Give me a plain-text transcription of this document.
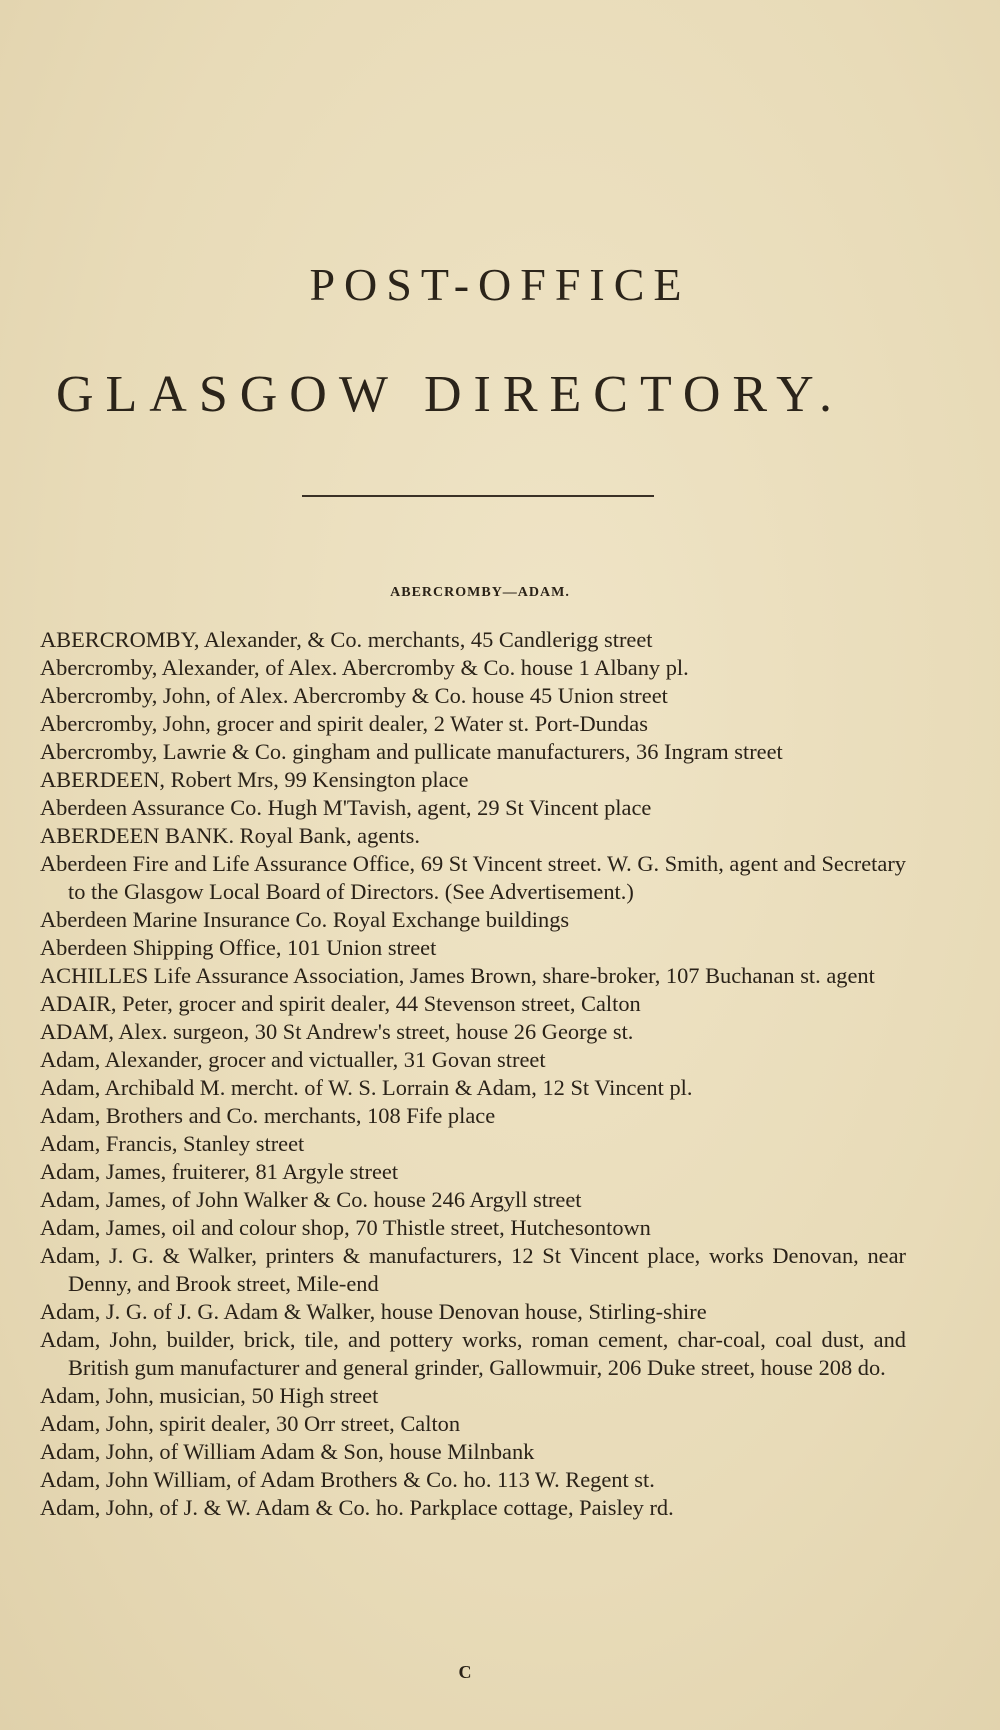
POST-OFFICE
GLASGOW DIRECTORY.
ABERCROMBY—ADAM.
ABERCROMBY, Alexander, & Co. merchants, 45 Candlerigg street
Abercromby, Alexander, of Alex. Abercromby & Co. house 1 Albany pl.
Abercromby, John, of Alex. Abercromby & Co. house 45 Union street
Abercromby, John, grocer and spirit dealer, 2 Water st. Port-Dundas
Abercromby, Lawrie & Co. gingham and pullicate manufacturers, 36 Ingram street
ABERDEEN, Robert Mrs, 99 Kensington place
Aberdeen Assurance Co. Hugh M'Tavish, agent, 29 St Vincent place
ABERDEEN BANK. Royal Bank, agents.
Aberdeen Fire and Life Assurance Office, 69 St Vincent street. W. G. Smith, agent and Secretary to the Glasgow Local Board of Directors. (See Advertisement.)
Aberdeen Marine Insurance Co. Royal Exchange buildings
Aberdeen Shipping Office, 101 Union street
ACHILLES Life Assurance Association, James Brown, share-broker, 107 Buchanan st. agent
ADAIR, Peter, grocer and spirit dealer, 44 Stevenson street, Calton
ADAM, Alex. surgeon, 30 St Andrew's street, house 26 George st.
Adam, Alexander, grocer and victualler, 31 Govan street
Adam, Archibald M. mercht. of W. S. Lorrain & Adam, 12 St Vincent pl.
Adam, Brothers and Co. merchants, 108 Fife place
Adam, Francis, Stanley street
Adam, James, fruiterer, 81 Argyle street
Adam, James, of John Walker & Co. house 246 Argyll street
Adam, James, oil and colour shop, 70 Thistle street, Hutchesontown
Adam, J. G. & Walker, printers & manufacturers, 12 St Vincent place, works Denovan, near Denny, and Brook street, Mile-end
Adam, J. G. of J. G. Adam & Walker, house Denovan house, Stirling-shire
Adam, John, builder, brick, tile, and pottery works, roman cement, char-coal, coal dust, and British gum manufacturer and general grinder, Gallowmuir, 206 Duke street, house 208 do.
Adam, John, musician, 50 High street
Adam, John, spirit dealer, 30 Orr street, Calton
Adam, John, of William Adam & Son, house Milnbank
Adam, John William, of Adam Brothers & Co. ho. 113 W. Regent st.
Adam, John, of J. & W. Adam & Co. ho. Parkplace cottage, Paisley rd.
C
